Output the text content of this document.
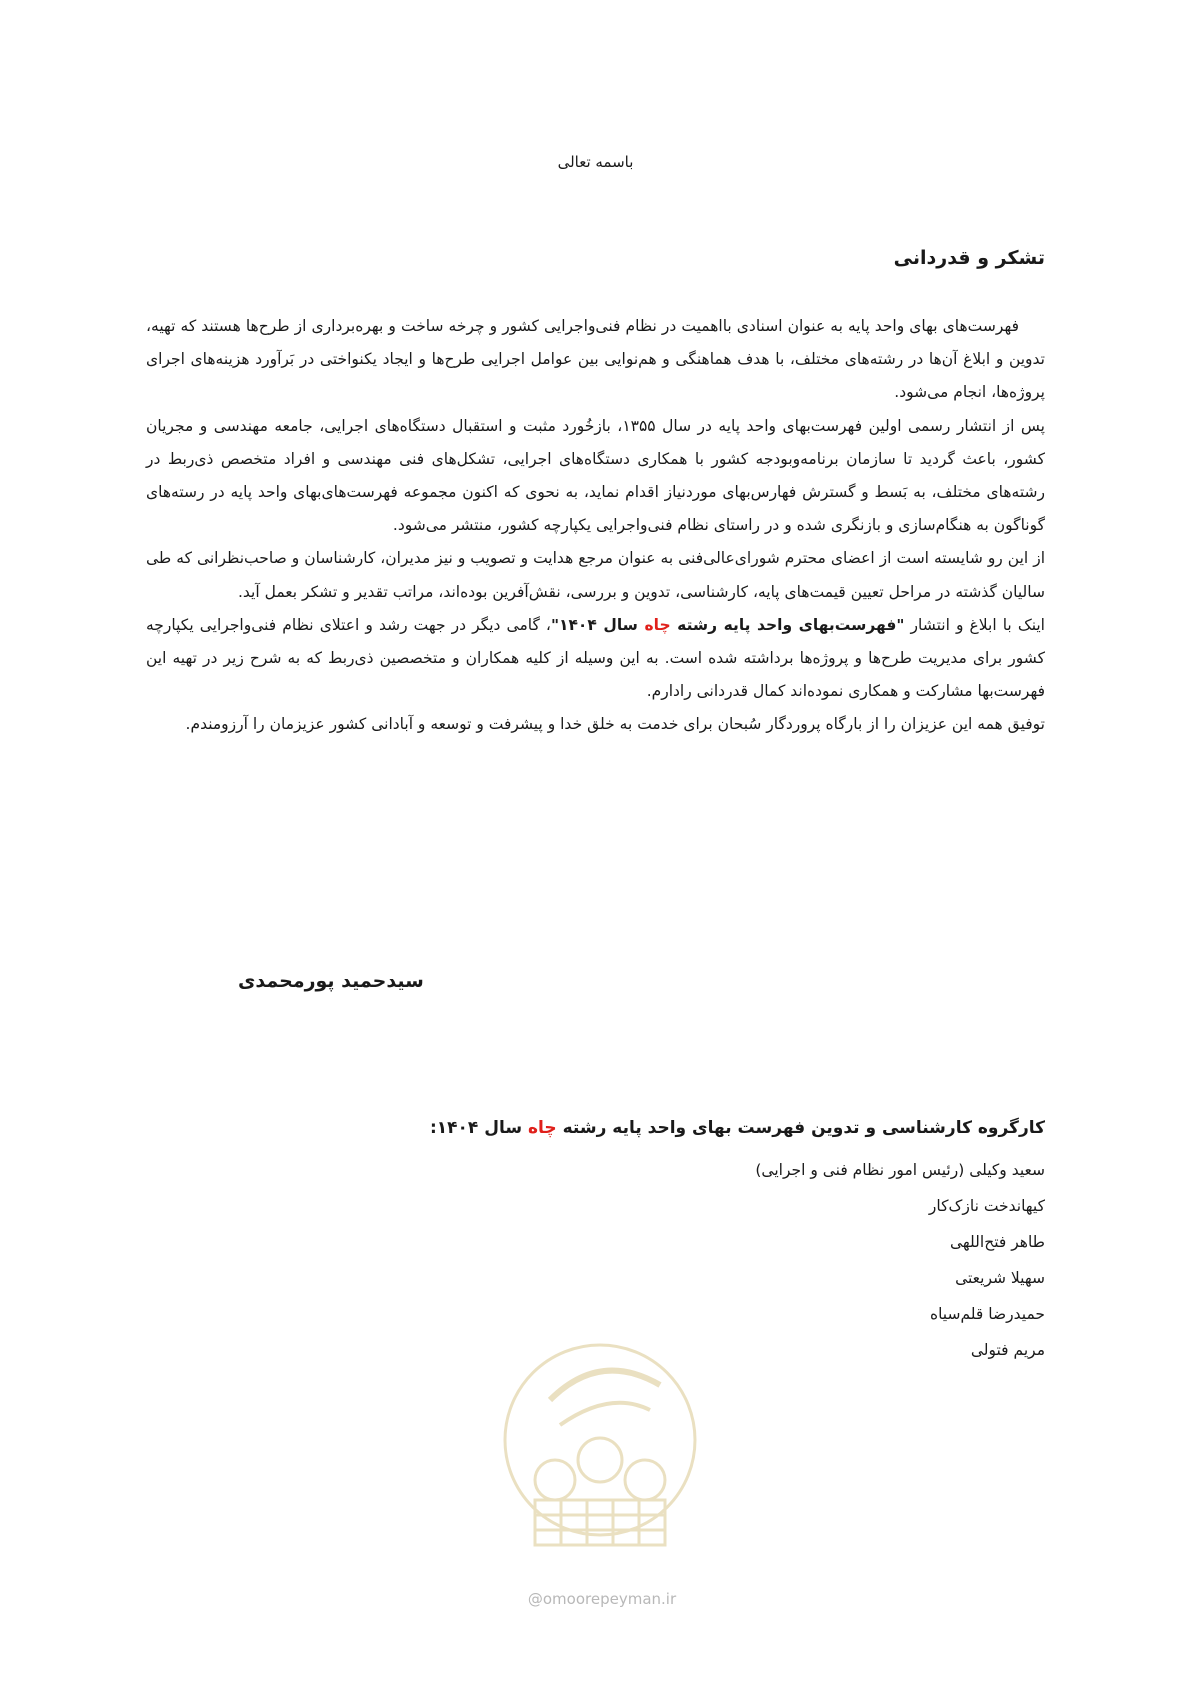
باسمه تعالی
تشکر و قدردانی

فهرست‌های بهای واحد پایه به عنوان اسنادی بااهمیت در نظام فنی‌واجرایی کشور و چرخه ساخت و بهره‌برداری از طرح‌ها هستند که تهیه، تدوین و ابلاغ آن‌ها در رشته‌های مختلف، با هدف هماهنگی و هم‌نوایی بین عوامل اجرایی طرح‌ها و ایجاد یکنواختی در بَرآورد هزینه‌های اجرای پروژه‌ها، انجام می‌شود.

پس از انتشار رسمی اولین فهرست‌بهای واحد پایه در سال ۱۳۵۵، بازخُورد مثبت و استقبال دستگاه‌های اجرایی، جامعه مهندسی و مجریان کشور، باعث گردید تا سازمان برنامه‌وبودجه کشور با همکاری دستگاه‌های اجرایی، تشکل‌های فنی مهندسی و افراد متخصص ذی‌ربط در رشته‌های مختلف، به بَسط و گسترش فهارس‌بهای موردنیاز اقدام نماید، به نحوی که اکنون مجموعه فهرست‌های‌بهای واحد پایه در رسته‌های گوناگون به هنگام‌سازی و بازنگری شده و در راستای نظام فنی‌واجرایی یکپارچه کشور، منتشر می‌شود.

از این رو شایسته است از اعضای محترم شورای‌عالی‌فنی به عنوان مرجع هدایت و تصویب و نیز مدیران، کارشناسان و صاحب‌نظرانی که طی سالیان گذشته در مراحل تعیین قیمت‌های پایه، کارشناسی، تدوین و بررسی، نقش‌آفرین بوده‌اند، مراتب تقدیر و تشکر بعمل آید.

اینک با ابلاغ و انتشار "فهرست‌بهای واحد پایه رشته چاه سال ۱۴۰۴"، گامی دیگر در جهت رشد و اعتلای نظام فنی‌واجرایی یکپارچه کشور برای مدیریت طرح‌ها و پروژه‌ها برداشته شده است. به این وسیله از کلیه همکاران و متخصصین ذی‌ربط که به شرح زیر در تهیه این فهرست‌بها مشارکت و همکاری نموده‌اند کمال قدردانی رادارم.

توفیق همه این عزیزان را از بارگاه پروردگار سُبحان برای خدمت به خلق خدا و پیشرفت و توسعه و آبادانی کشور عزیزمان را آرزومندم.

سیدحمید پورمحمدی
کارگروه کارشناسی و تدوین فهرست بهای واحد پایه رشته چاه سال ۱۴۰۴:
سعید وکیلی (رئیس امور نظام فنی و اجرایی)
کیهاندخت نازک‌کار
طاهر فتح‌اللهی
سهیلا شریعتی
حمیدرضا قلم‌سیاه
مریم فتولی
@omoorepeyman.ir
